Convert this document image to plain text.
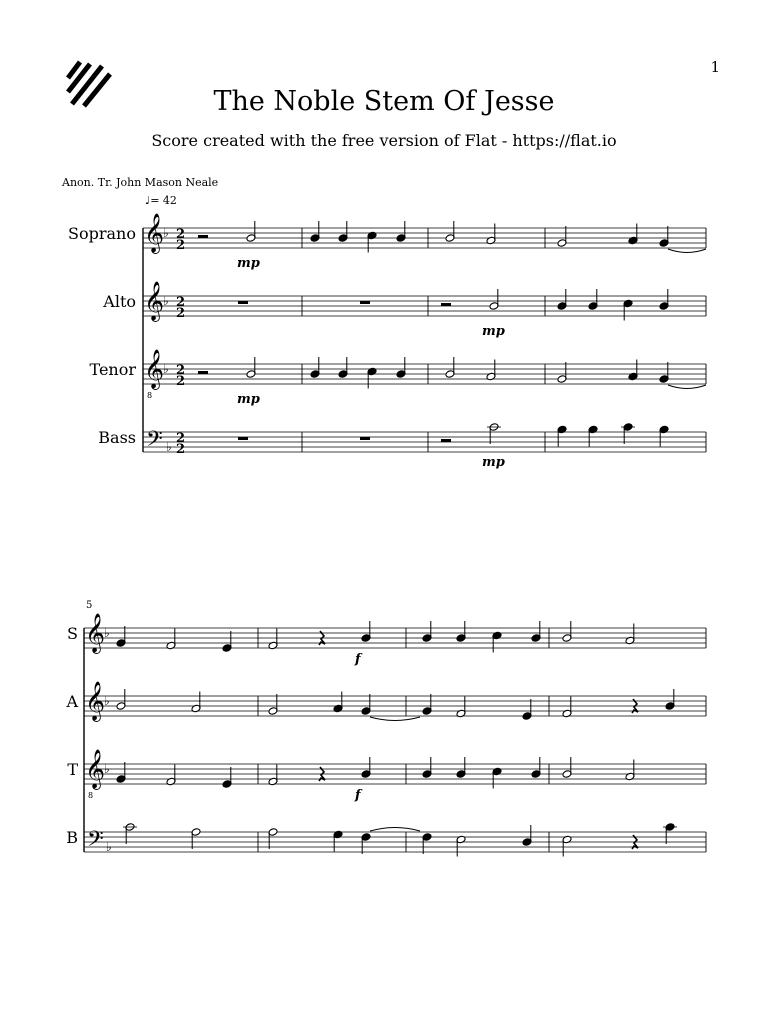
1
The Noble Stem Of Jesse
Score created with the free version of Flat - https://flat.io
Anon. Tr. John Mason Neale
♩= 42
Soprano
Alto
Tenor
Bass
S
A
T
B
5
mp
mp
mp
mp
f
f
𝄞
♭ 2
2
𝄞
♭ 2
2
𝄞
8
♭ 2
2
𝄢 ♭
2
2
𝄞
♭
𝄞
♭
𝄞
8
♭
𝄢 ♭
